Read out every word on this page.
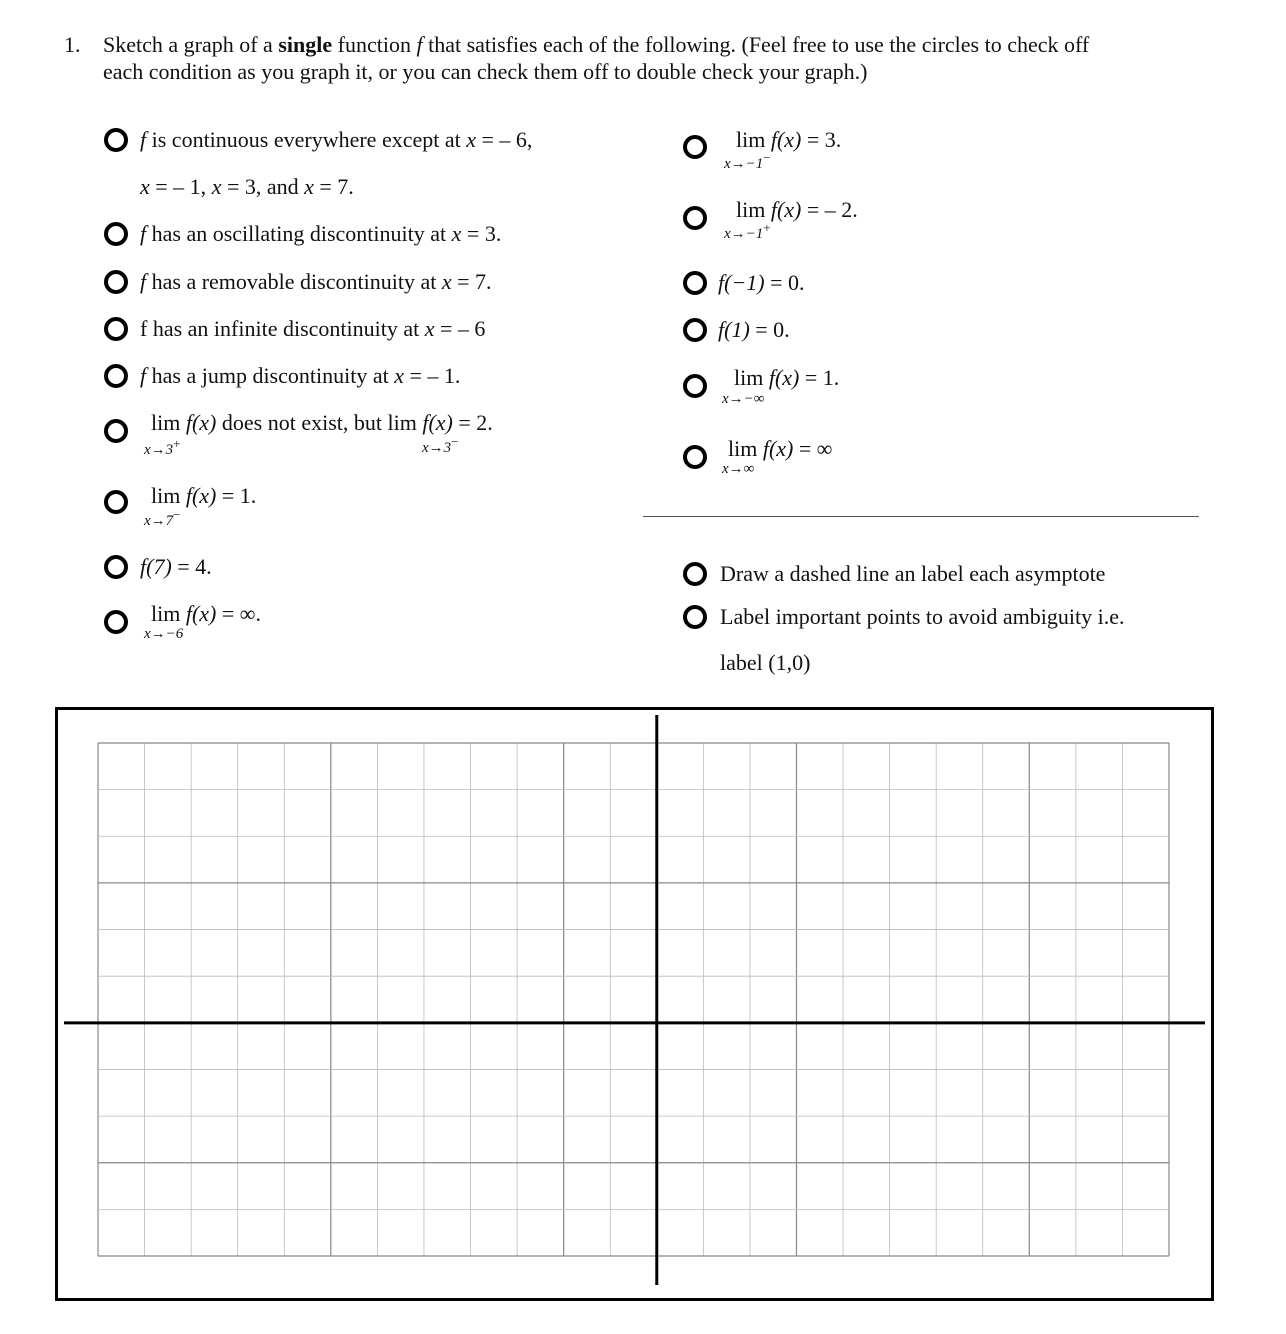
1. Sketch a graph of a single function f that satisfies each of the following. (Feel free to use the circles to check off
each condition as you graph it, or you can check them off to double check your graph.)
f is continuous everywhere except at x = – 6,
x = – 1, x = 3, and x = 7.
f has an oscillating discontinuity at x = 3.
f has a removable discontinuity at x = 7.
f has an infinite discontinuity at x = – 6
f has a jump discontinuity at x = – 1.
lim f(x) does not exist, but lim f(x) = 2.
x→3+	x→3−
lim f(x) = 1.
x→7−
f(7) = 4.
lim f(x) = ∞.
x→−6
lim f(x) = 3.
x→−1−
lim f(x) = – 2.
x→−1+
f(−1) = 0.
f(1) = 0.
lim f(x) = 1.
x→−∞
lim f(x) = ∞
x→∞
Draw a dashed line an label each asymptote
Label important points to avoid ambiguity i.e.
label (1,0)
